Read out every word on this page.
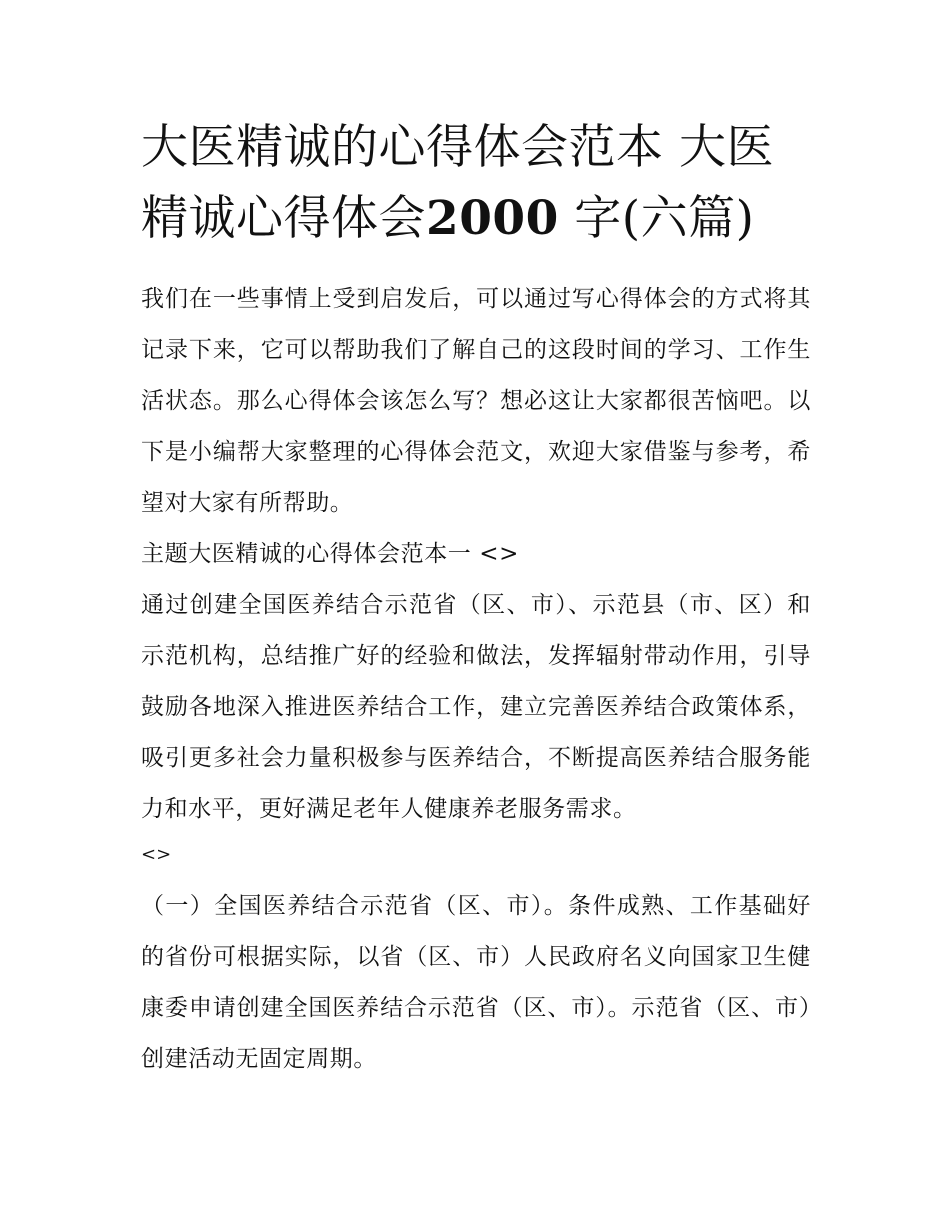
大医精诚的心得体会范本 大医精诚心得体会2000 字(六篇)

我们在一些事情上受到启发后，可以通过写心得体会的方式将其记录下来，它可以帮助我们了解自己的这段时间的学习、工作生活状态。那么心得体会该怎么写？想必这让大家都很苦恼吧。以下是小编帮大家整理的心得体会范文，欢迎大家借鉴与参考，希望对大家有所帮助。

主题大医精诚的心得体会范本一 <>

通过创建全国医养结合示范省（区、市）、示范县（市、区）和示范机构，总结推广好的经验和做法，发挥辐射带动作用，引导鼓励各地深入推进医养结合工作，建立完善医养结合政策体系，吸引更多社会力量积极参与医养结合，不断提高医养结合服务能力和水平，更好满足老年人健康养老服务需求。

<>

（一）全国医养结合示范省（区、市）。条件成熟、工作基础好的省份可根据实际，以省（区、市）人民政府名义向国家卫生健康委申请创建全国医养结合示范省（区、市）。示范省（区、市）创建活动无固定周期。
